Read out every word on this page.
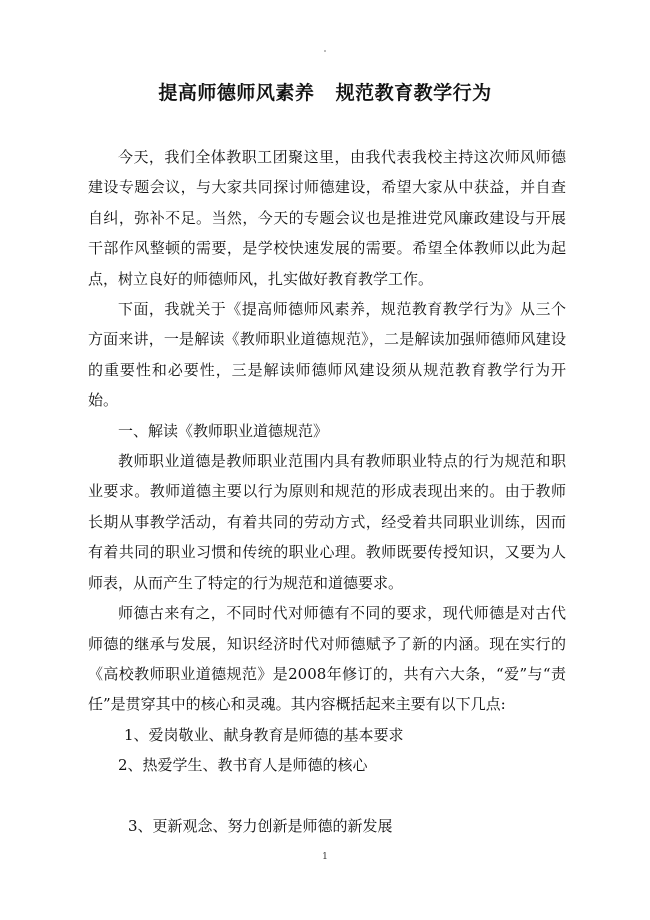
提高师德师风素养   规范教育教学行为

今天，我们全体教职工团聚这里，由我代表我校主持这次师风师德建设专题会议，与大家共同探讨师德建设，希望大家从中获益，并自查自纠，弥补不足。当然，今天的专题会议也是推进党风廉政建设与开展干部作风整顿的需要，是学校快速发展的需要。希望全体教师以此为起点，树立良好的师德师风，扎实做好教育教学工作。

下面，我就关于《提高师德师风素养，规范教育教学行为》从三个方面来讲，一是解读《教师职业道德规范》，二是解读加强师德师风建设的重要性和必要性，三是解读师德师风建设须从规范教育教学行为开始。

一、解读《教师职业道德规范》

教师职业道德是教师职业范围内具有教师职业特点的行为规范和职业要求。教师道德主要以行为原则和规范的形成表现出来的。由于教师长期从事教学活动，有着共同的劳动方式，经受着共同职业训练，因而有着共同的职业习惯和传统的职业心理。教师既要传授知识，又要为人师表，从而产生了特定的行为规范和道德要求。

师德古来有之，不同时代对师德有不同的要求，现代师德是对古代师德的继承与发展，知识经济时代对师德赋予了新的内涵。现在实行的《高校教师职业道德规范》是2008年修订的，共有六大条，“爱”与“责任”是贯穿其中的核心和灵魂。其内容概括起来主要有以下几点:

1、爱岗敬业、献身教育是师德的基本要求

2、热爱学生、教书育人是师德的核心

3、更新观念、努力创新是师德的新发展

1
